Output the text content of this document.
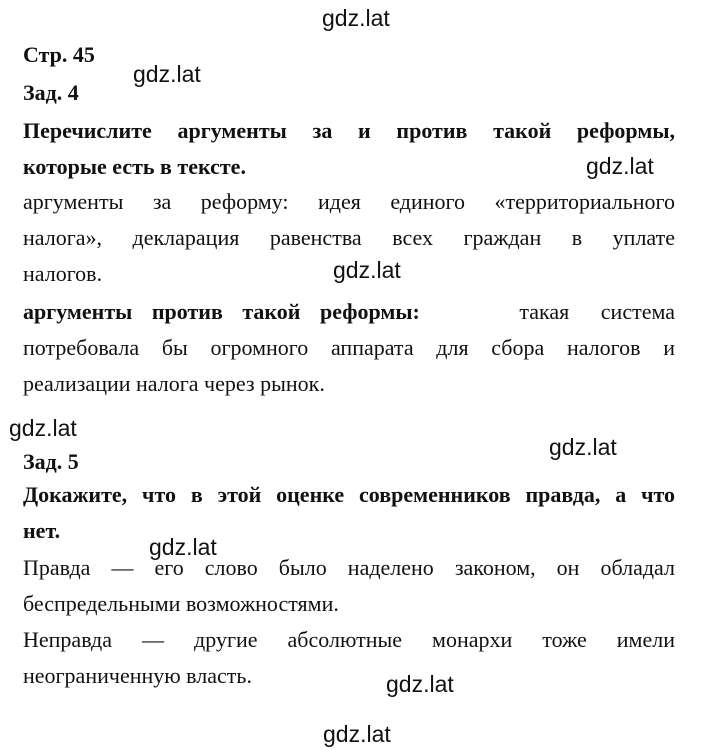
gdz.lat
gdz.lat
gdz.lat
gdz.lat
gdz.lat
gdz.lat
gdz.lat
gdz.lat
gdz.lat
Стр. 45
Зад. 4
Перечислите аргументы за и против такой реформы,
которые есть в тексте.
аргументы за реформу: идея единого «территориального
налога», декларация равенства всех граждан в уплате
налогов.
аргументы против такой реформы:	такая система
потребовала бы огромного аппарата для сбора налогов и
реализации налога через рынок.
Зад. 5
Докажите, что в этой оценке современников правда, а что
нет.
Правда — его слово было наделено законом, он обладал
беспредельными возможностями.
Неправда — другие абсолютные монархи тоже имели
неограниченную власть.
